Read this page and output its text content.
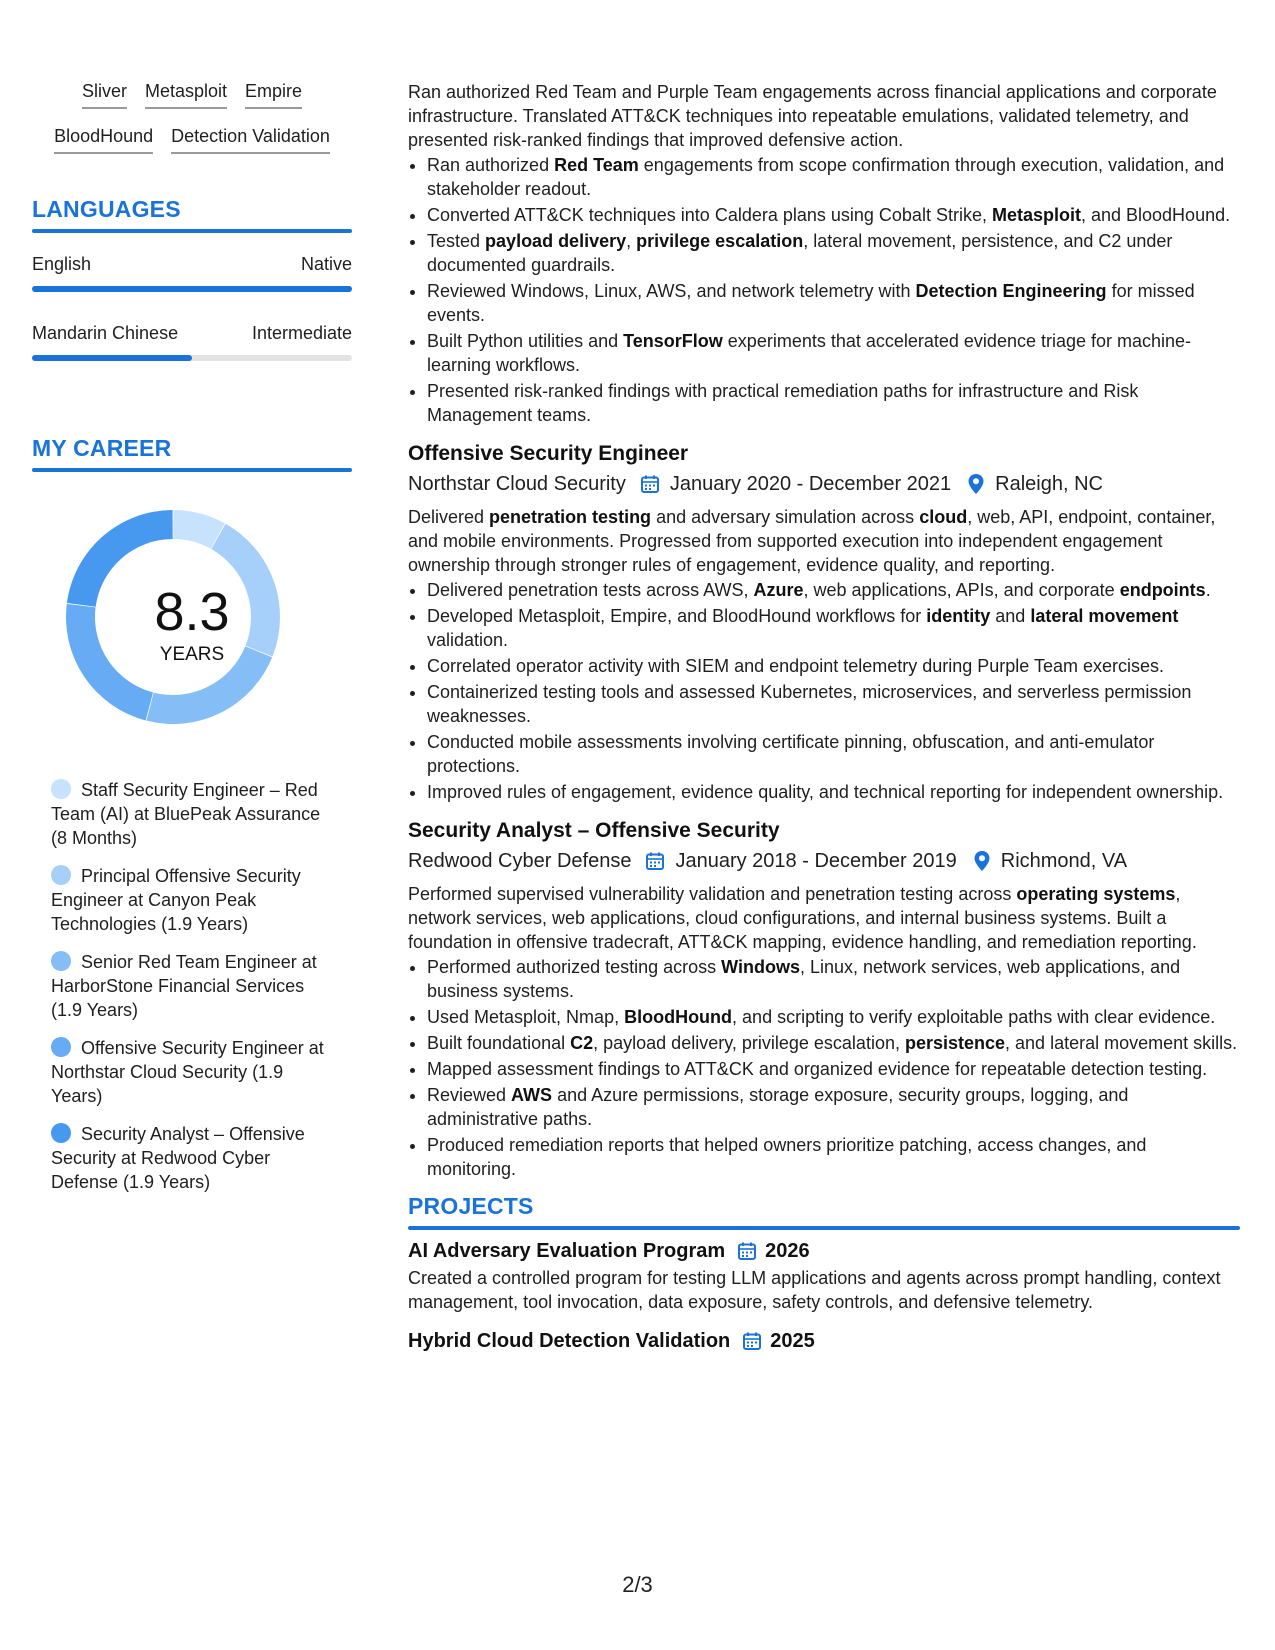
Sliver Metasploit Empire
BloodHound Detection Validation
LANGUAGES
English	Native
Mandarin Chinese	Intermediate
MY CAREER
8.3
YEARS
Staff Security Engineer – Red Team (AI) at BluePeak Assurance (8 Months)
Principal Offensive Security Engineer at Canyon Peak Technologies (1.9 Years)
Senior Red Team Engineer at HarborStone Financial Services (1.9 Years)
Offensive Security Engineer at Northstar Cloud Security (1.9 Years)
Security Analyst – Offensive Security at Redwood Cyber Defense (1.9 Years)
Ran authorized Red Team and Purple Team engagements across financial applications and corporate infrastructure. Translated ATT&CK techniques into repeatable emulations, validated telemetry, and presented risk-ranked findings that improved defensive action.
• Ran authorized Red Team engagements from scope confirmation through execution, validation, and stakeholder readout.
• Converted ATT&CK techniques into Caldera plans using Cobalt Strike, Metasploit, and BloodHound.
• Tested payload delivery, privilege escalation, lateral movement, persistence, and C2 under documented guardrails.
• Reviewed Windows, Linux, AWS, and network telemetry with Detection Engineering for missed events.
• Built Python utilities and TensorFlow experiments that accelerated evidence triage for machine-learning workflows.
• Presented risk-ranked findings with practical remediation paths for infrastructure and Risk Management teams.
Offensive Security Engineer
Northstar Cloud Security January 2020 - December 2021 Raleigh, NC
Delivered penetration testing and adversary simulation across cloud, web, API, endpoint, container, and mobile environments. Progressed from supported execution into independent engagement ownership through stronger rules of engagement, evidence quality, and reporting.
• Delivered penetration tests across AWS, Azure, web applications, APIs, and corporate endpoints.
• Developed Metasploit, Empire, and BloodHound workflows for identity and lateral movement validation.
• Correlated operator activity with SIEM and endpoint telemetry during Purple Team exercises.
• Containerized testing tools and assessed Kubernetes, microservices, and serverless permission weaknesses.
• Conducted mobile assessments involving certificate pinning, obfuscation, and anti-emulator protections.
• Improved rules of engagement, evidence quality, and technical reporting for independent ownership.
Security Analyst – Offensive Security
Redwood Cyber Defense January 2018 - December 2019 Richmond, VA
Performed supervised vulnerability validation and penetration testing across operating systems, network services, web applications, cloud configurations, and internal business systems. Built a foundation in offensive tradecraft, ATT&CK mapping, evidence handling, and remediation reporting.
• Performed authorized testing across Windows, Linux, network services, web applications, and business systems.
• Used Metasploit, Nmap, BloodHound, and scripting to verify exploitable paths with clear evidence.
• Built foundational C2, payload delivery, privilege escalation, persistence, and lateral movement skills.
• Mapped assessment findings to ATT&CK and organized evidence for repeatable detection testing.
• Reviewed AWS and Azure permissions, storage exposure, security groups, logging, and administrative paths.
• Produced remediation reports that helped owners prioritize patching, access changes, and monitoring.
PROJECTS
AI Adversary Evaluation Program 2026
Created a controlled program for testing LLM applications and agents across prompt handling, context management, tool invocation, data exposure, safety controls, and defensive telemetry.
Hybrid Cloud Detection Validation 2025
2/3
